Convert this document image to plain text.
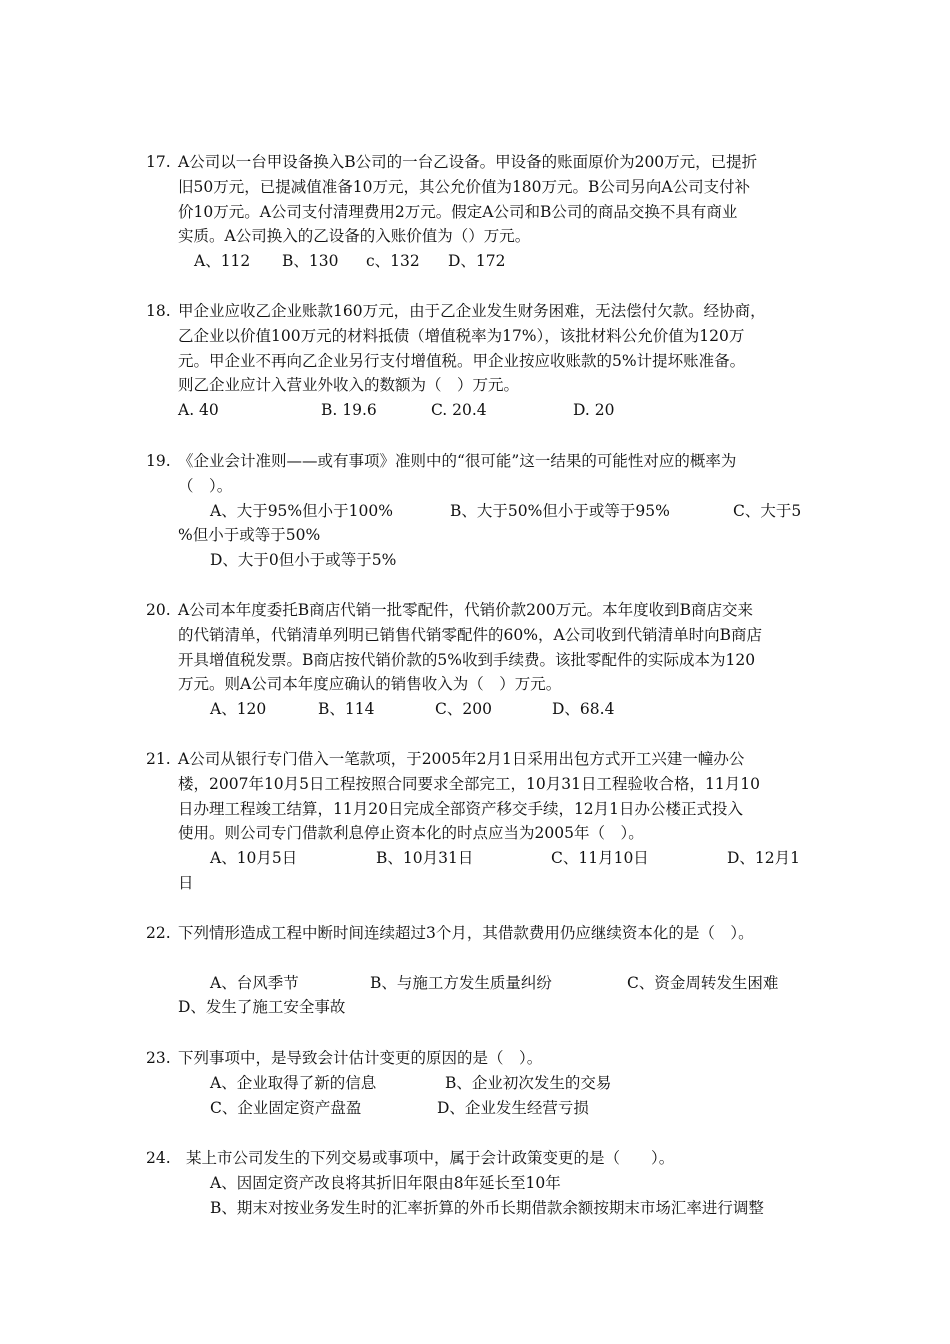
17. A公司以一台甲设备换入B公司的一台乙设备。甲设备的账面原价为200万元，已提折
旧50万元，已提减值准备10万元，其公允价值为180万元。B公司另向A公司支付补
价10万元。A公司支付清理费用2万元。假定A公司和B公司的商品交换不具有商业
实质。A公司换入的乙设备的入账价值为（）万元。
A、112 B、130 c、132 D、172
18. 甲企业应收乙企业账款160万元，由于乙企业发生财务困难，无法偿付欠款。经协商，
乙企业以价值100万元的材料抵债（增值税率为17%），该批材料公允价值为120万
元。甲企业不再向乙企业另行支付增值税。甲企业按应收账款的5%计提坏账准备。
则乙企业应计入营业外收入的数额为（　）万元。
A. 40	B. 19.6	C. 20.4	D. 20
19. 《企业会计准则——或有事项》准则中的“很可能”这一结果的可能性对应的概率为
（　）。
A、大于95%但小于100%	B、大于50%但小于或等于95%	C、大于5
%但小于或等于50%
D、大于0但小于或等于5%
20. A公司本年度委托B商店代销一批零配件，代销价款200万元。本年度收到B商店交来
的代销清单，代销清单列明已销售代销零配件的60%，A公司收到代销清单时向B商店
开具增值税发票。B商店按代销价款的5%收到手续费。该批零配件的实际成本为120
万元。则A公司本年度应确认的销售收入为（　）万元。
A、120	B、114	C、200	D、68.4
21. A公司从银行专门借入一笔款项，于2005年2月1日采用出包方式开工兴建一幢办公
楼，2007年10月5日工程按照合同要求全部完工，10月31日工程验收合格，11月10
日办理工程竣工结算，11月20日完成全部资产移交手续，12月1日办公楼正式投入
使用。则公司专门借款利息停止资本化的时点应当为2005年（　）。
A、10月5日	B、10月31日	C、11月10日	D、12月1
日
22. 下列情形造成工程中断时间连续超过3个月，其借款费用仍应继续资本化的是（　）。
A、台风季节	B、与施工方发生质量纠纷	C、资金周转发生困难
D、发生了施工安全事故
23. 下列事项中，是导致会计估计变更的原因的是（　）。
A、企业取得了新的信息	B、企业初次发生的交易
C、企业固定资产盘盈	D、企业发生经营亏损
24. 某上市公司发生的下列交易或事项中，属于会计政策变更的是（　　）。
A、因固定资产改良将其折旧年限由8年延长至10年
B、期末对按业务发生时的汇率折算的外币长期借款余额按期末市场汇率进行调整
